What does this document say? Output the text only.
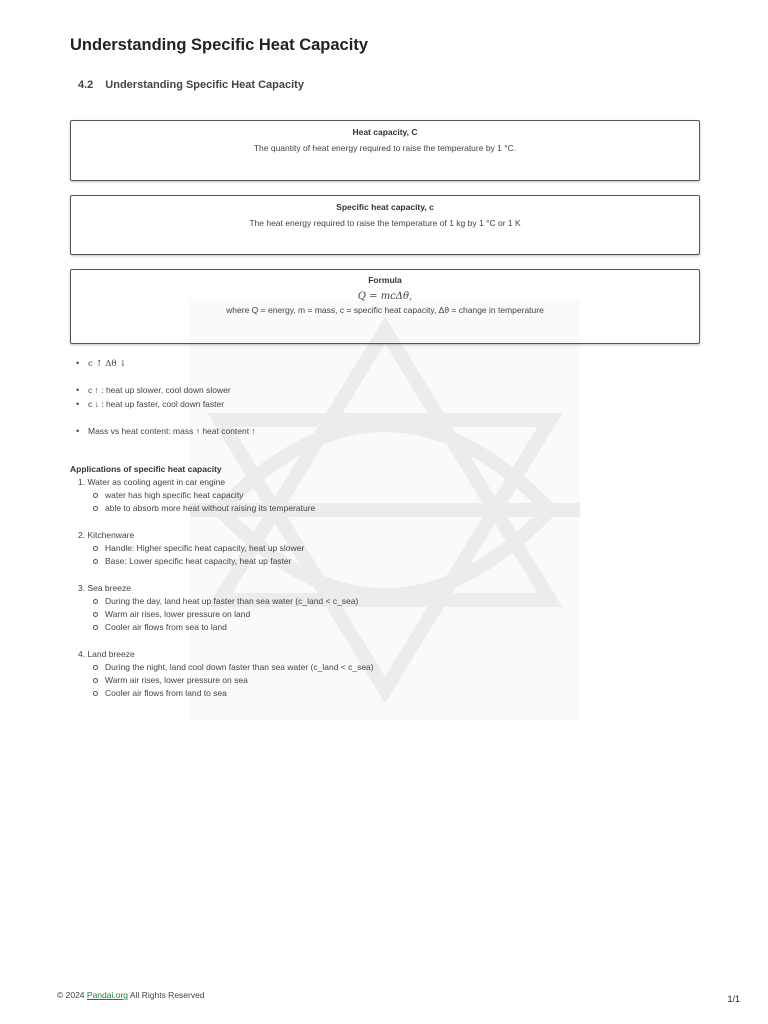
Understanding Specific Heat Capacity
4.2 Understanding Specific Heat Capacity
Heat capacity, C
The quantity of heat energy required to raise the temperature by 1 °C.
Specific heat capacity, c
The heat energy required to raise the temperature of 1 kg by 1 °C or 1 K
Formula
Q = mcΔθ,
where Q = energy, m = mass, c = specific heat capacity, Δθ = change in temperature
• c ↑ Δθ ↓
• c ↑ : heat up slower, cool down slower
• c ↓ : heat up faster, cool down faster
• Mass vs heat content: mass ↑ heat content ↑
Applications of specific heat capacity
1. Water as cooling agent in car engine
water has high specific heat capacity
able to absorb more heat without raising its temperature
2. Kitchenware
Handle: Higher specific heat capacity, heat up slower
Base: Lower specific heat capacity, heat up faster
3. Sea breeze
During the day, land heat up faster than sea water (c_land < c_sea)
Warm air rises, lower pressure on land
Cooler air flows from sea to land
4. Land breeze
During the night, land cool down faster than sea water (c_land < c_sea)
Warm air rises, lower pressure on sea
Cooler air flows from land to sea
© 2024 Pandai.org All Rights Reserved	1/1
